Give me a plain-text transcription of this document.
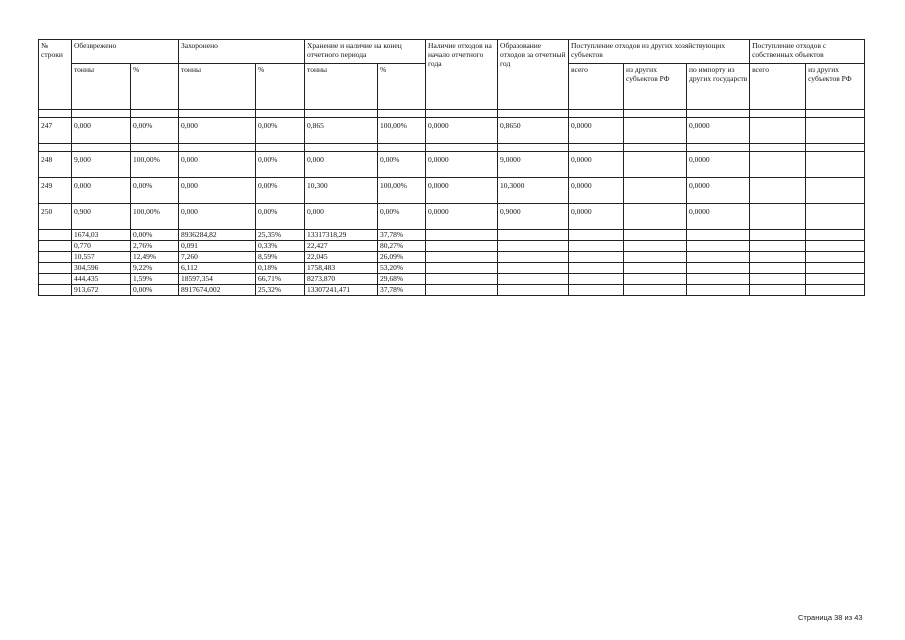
№ строки	Обезврежено		Захоронено		Хранение и наличие на конец отчетного периода		Наличие отходов на начало отчетного года	Образование отходов за отчетный год	Поступление отходов из других хозяйствующих субъектов			Поступление отходов с собственных объектов	
	тонны	%	тонны	%	тонны	%			всего	из других субъектов РФ	по импорту из других государств	всего	из других субъектов РФ

247	0,000	0,00%	0,000	0,00%	0,865	100,00%	0,0000	0,8650	0,0000		0,0000		

248	9,000	100,00%	0,000	0,00%	0,000	0,00%	0,0000	9,0000	0,0000		0,0000		
249	0,000	0,00%	0,000	0,00%	10,300	100,00%	0,0000	10,3000	0,0000		0,0000		
250	0,900	100,00%	0,000	0,00%	0,000	0,00%	0,0000	0,9000	0,0000		0,0000		
	1674,03	0,00%	8936284,82	25,35%	13317318,29	37,78%							
	0,770	2,76%	0,091	0,33%	22,427	80,27%							
	10,557	12,49%	7,260	8,59%	22,045	26,09%							
	304,596	9,22%	6,112	0,18%	1758,483	53,20%							
	444,435	1,59%	18597,354	66,71%	8273,870	29,68%							
	913,672	0,00%	8917674,002	25,32%	13307241,471	37,78%							
Страница 38 из 43
